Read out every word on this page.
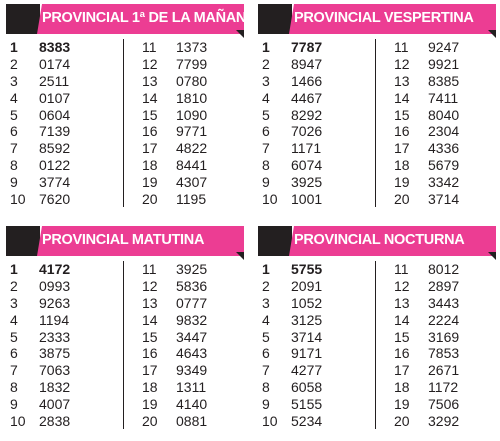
PROVINCIAL 1ª DE LA MAÑANA
1	8383
2	0174
3	2511
4	0107
5	0604
6	7139
7	8592
8	0122
9	3774
10 7620
11	1373
12	7799
13	0780
14	1810
15	1090
16	9771
17	4822
18	8441
19	4307
20	1195
PROVINCIAL VESPERTINA
1	7787
2	8947
3	1466
4	4467
5	8292
6	7026
7	1171
8	6074
9	3925
10 1001
11	9247
12	9921
13	8385
14	7411
15	8040
16	2304
17	4336
18	5679
19	3342
20	3714
PROVINCIAL MATUTINA
1	4172
2	0993
3	9263
4	1194
5	2333
6	3875
7	7063
8	1832
9	4007
10 2838
11	3925
12	5836
13	0777
14	9832
15	3447
16	4643
17	9349
18	1311
19	4140
20	0881
PROVINCIAL NOCTURNA
1	5755
2	2091
3	1052
4	3125
5	3714
6	9171
7	4277
8	6058
9	5155
10 5234
11	8012
12	2897
13	3443
14	2224
15	3169
16	7853
17	2671
18	1172
19	7506
20	3292
